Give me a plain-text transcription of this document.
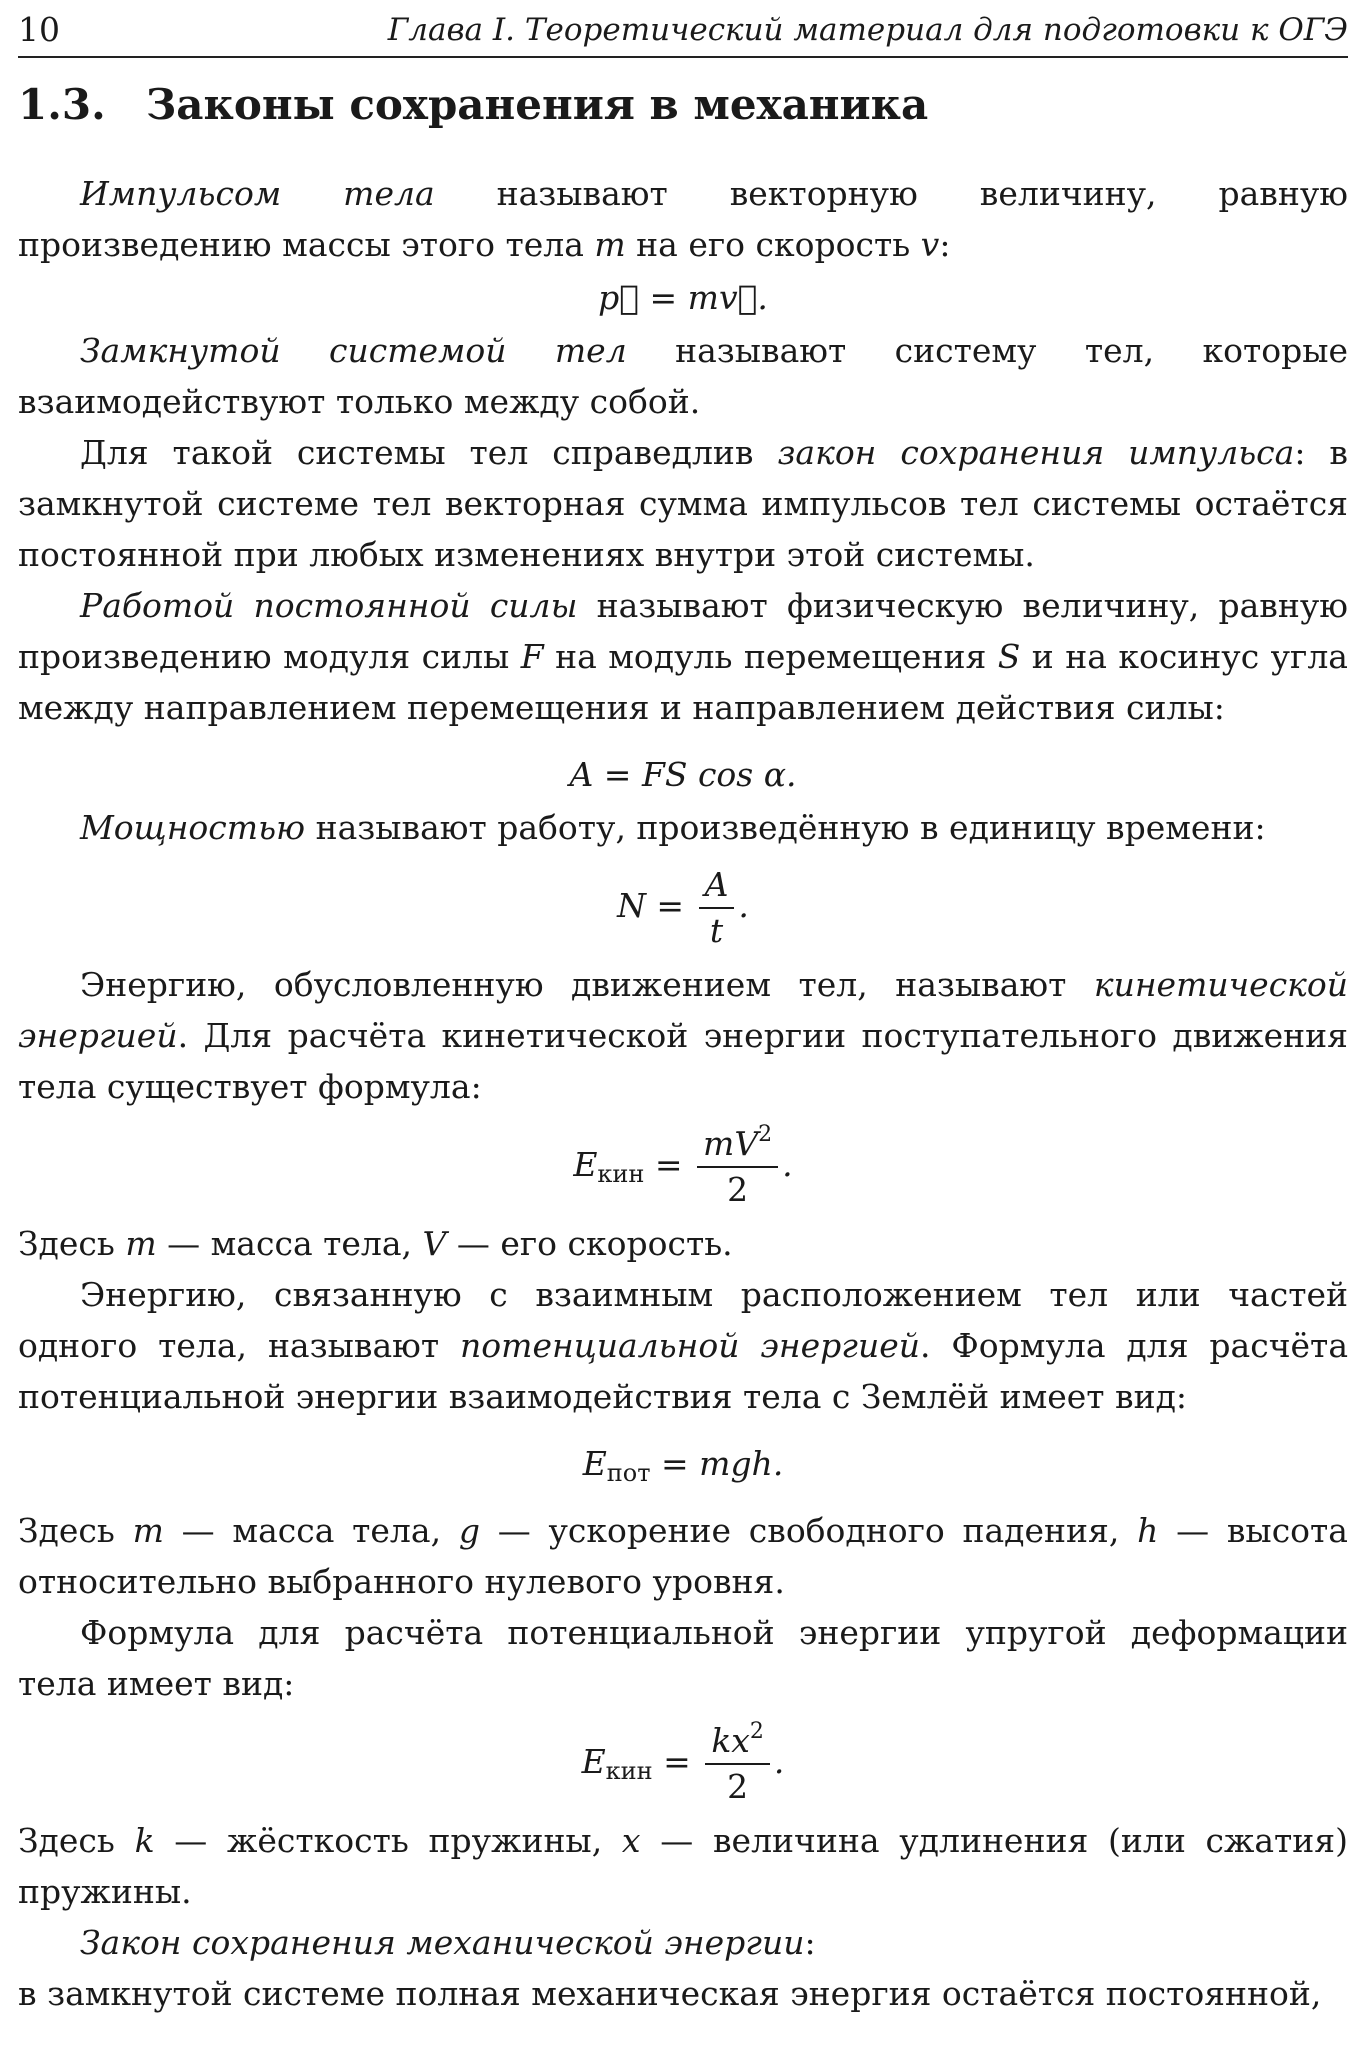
10	Глава I. Теоретический материал для подготовки к ОГЭ
1.3. Законы сохранения в механика

Импульсом тела называют векторную величину, равную произведению массы этого тела m на его скорость v:

p⃗ = mv⃗.

Замкнутой системой тел называют систему тел, которые взаимодействуют только между собой.

Для такой системы тел справедлив закон сохранения импульса: в замкнутой системе тел векторная сумма импульсов тел системы остаётся постоянной при любых изменениях внутри этой системы.

Работой постоянной силы называют физическую величину, равную произведению модуля силы F на модуль перемещения S и на косинус угла между направлением перемещения и направлением действия силы:

A = FS cos α.

Мощностью называют работу, произведённую в единицу времени:

$N = \frac{A}{t}$ .

Энергию, обусловленную движением тел, называют кинетической энергией. Для расчёта кинетической энергии поступательного движения тела существует формула:

$E_{кин} = \frac{mV^2}{2}$ .

Здесь m — масса тела, V — его скорость.

Энергию, связанную с взаимным расположением тел или частей одного тела, называют потенциальной энергией. Формула для расчёта потенциальной энергии взаимодействия тела с Землёй имеет вид:

$E_{пот}$ = mgh.

Здесь m — масса тела, g — ускорение свободного падения, h — высота относительно выбранного нулевого уровня.

Формула для расчёта потенциальной энергии упругой деформации тела имеет вид:

$E_{кин} = \frac{kx^2}{2}$ .

Здесь k — жёсткость пружины, x — величина удлинения (или сжатия) пружины.

Закон сохранения механической энергии:

в замкнутой системе полная механическая энергия остаётся постоянной,
